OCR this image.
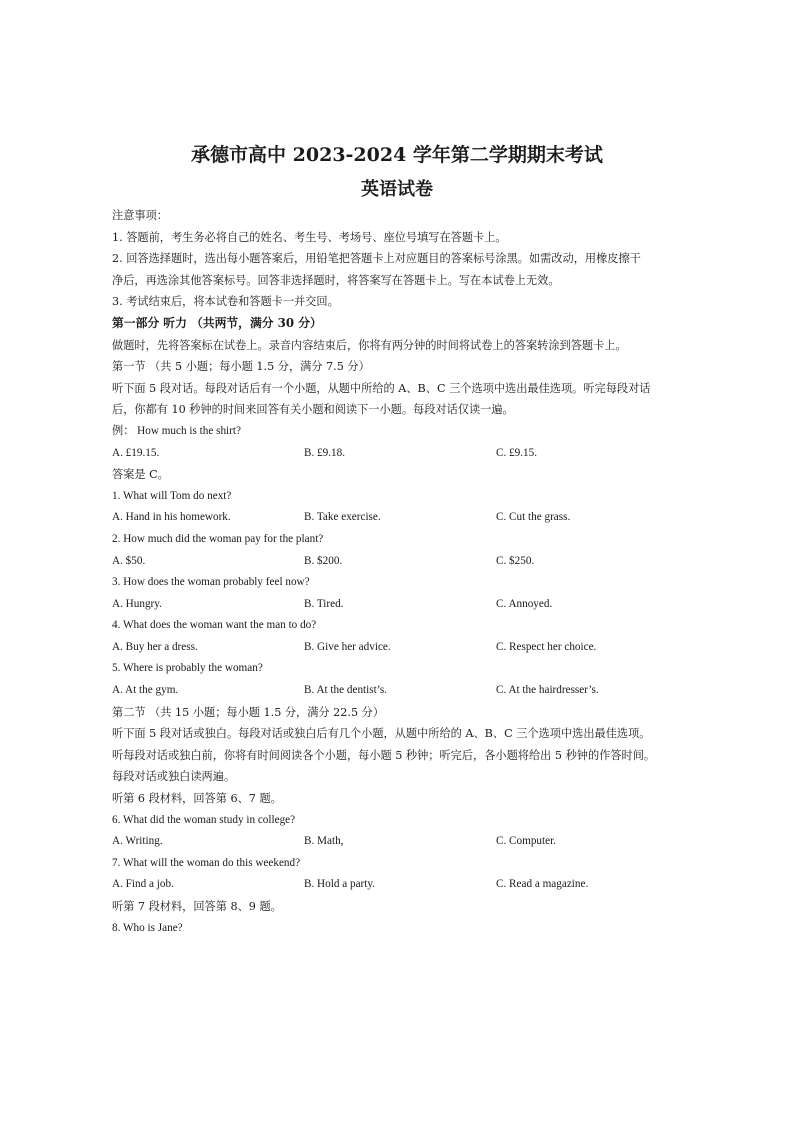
承德市高中 2023-2024 学年第二学期期末考试
英语试卷
注意事项：
1. 答题前，考生务必将自己的姓名、考生号、考场号、座位号填写在答题卡上。
2. 回答选择题时，选出每小题答案后，用铅笔把答题卡上对应题目的答案标号涂黑。如需改动，用橡皮擦干
净后，再选涂其他答案标号。回答非选择题时，将答案写在答题卡上。写在本试卷上无效。
3. 考试结束后，将本试卷和答题卡一并交回。
第一部分 听力 （共两节，满分 30 分）
做题时，先将答案标在试卷上。录音内容结束后，你将有两分钟的时间将试卷上的答案转涂到答题卡上。
第一节 （共 5 小题；每小题 1.5 分，满分 7.5 分）
听下面 5 段对话。每段对话后有一个小题，从题中所给的 A、B、C 三个选项中选出最佳选项。听完每段对话
后，你都有 10 秒钟的时间来回答有关小题和阅读下一小题。每段对话仅读一遍。
例： How much is the shirt?
A. £19.15.	B. £9.18.	C. £9.15.
答案是 C。
1. What will Tom do next?
A. Hand in his homework.	B. Take exercise.	C. Cut the grass.
2. How much did the woman pay for the plant?
A. $50.	B. $200.	C. $250.
3. How does the woman probably feel now?
A. Hungry.	B. Tired.	C. Annoyed.
4. What does the woman want the man to do?
A. Buy her a dress.	B. Give her advice.	C. Respect her choice.
5. Where is probably the woman?
A. At the gym.	B. At the dentist’s.	C. At the hairdresser’s.
第二节 （共 15 小题；每小题 1.5 分，满分 22.5 分）
听下面 5 段对话或独白。每段对话或独白后有几个小题，从题中所给的 A、B、C 三个选项中选出最佳选项。
听每段对话或独白前，你将有时间阅读各个小题，每小题 5 秒钟；听完后，各小题将给出 5 秒钟的作答时间。
每段对话或独白读两遍。
听第 6 段材料，回答第 6、7 题。
6. What did the woman study in college?
A. Writing.	B. Math,	C. Computer.
7. What will the woman do this weekend?
A. Find a job.	B. Hold a party.	C. Read a magazine.
听第 7 段材料，回答第 8、9 题。
8. Who is Jane?
